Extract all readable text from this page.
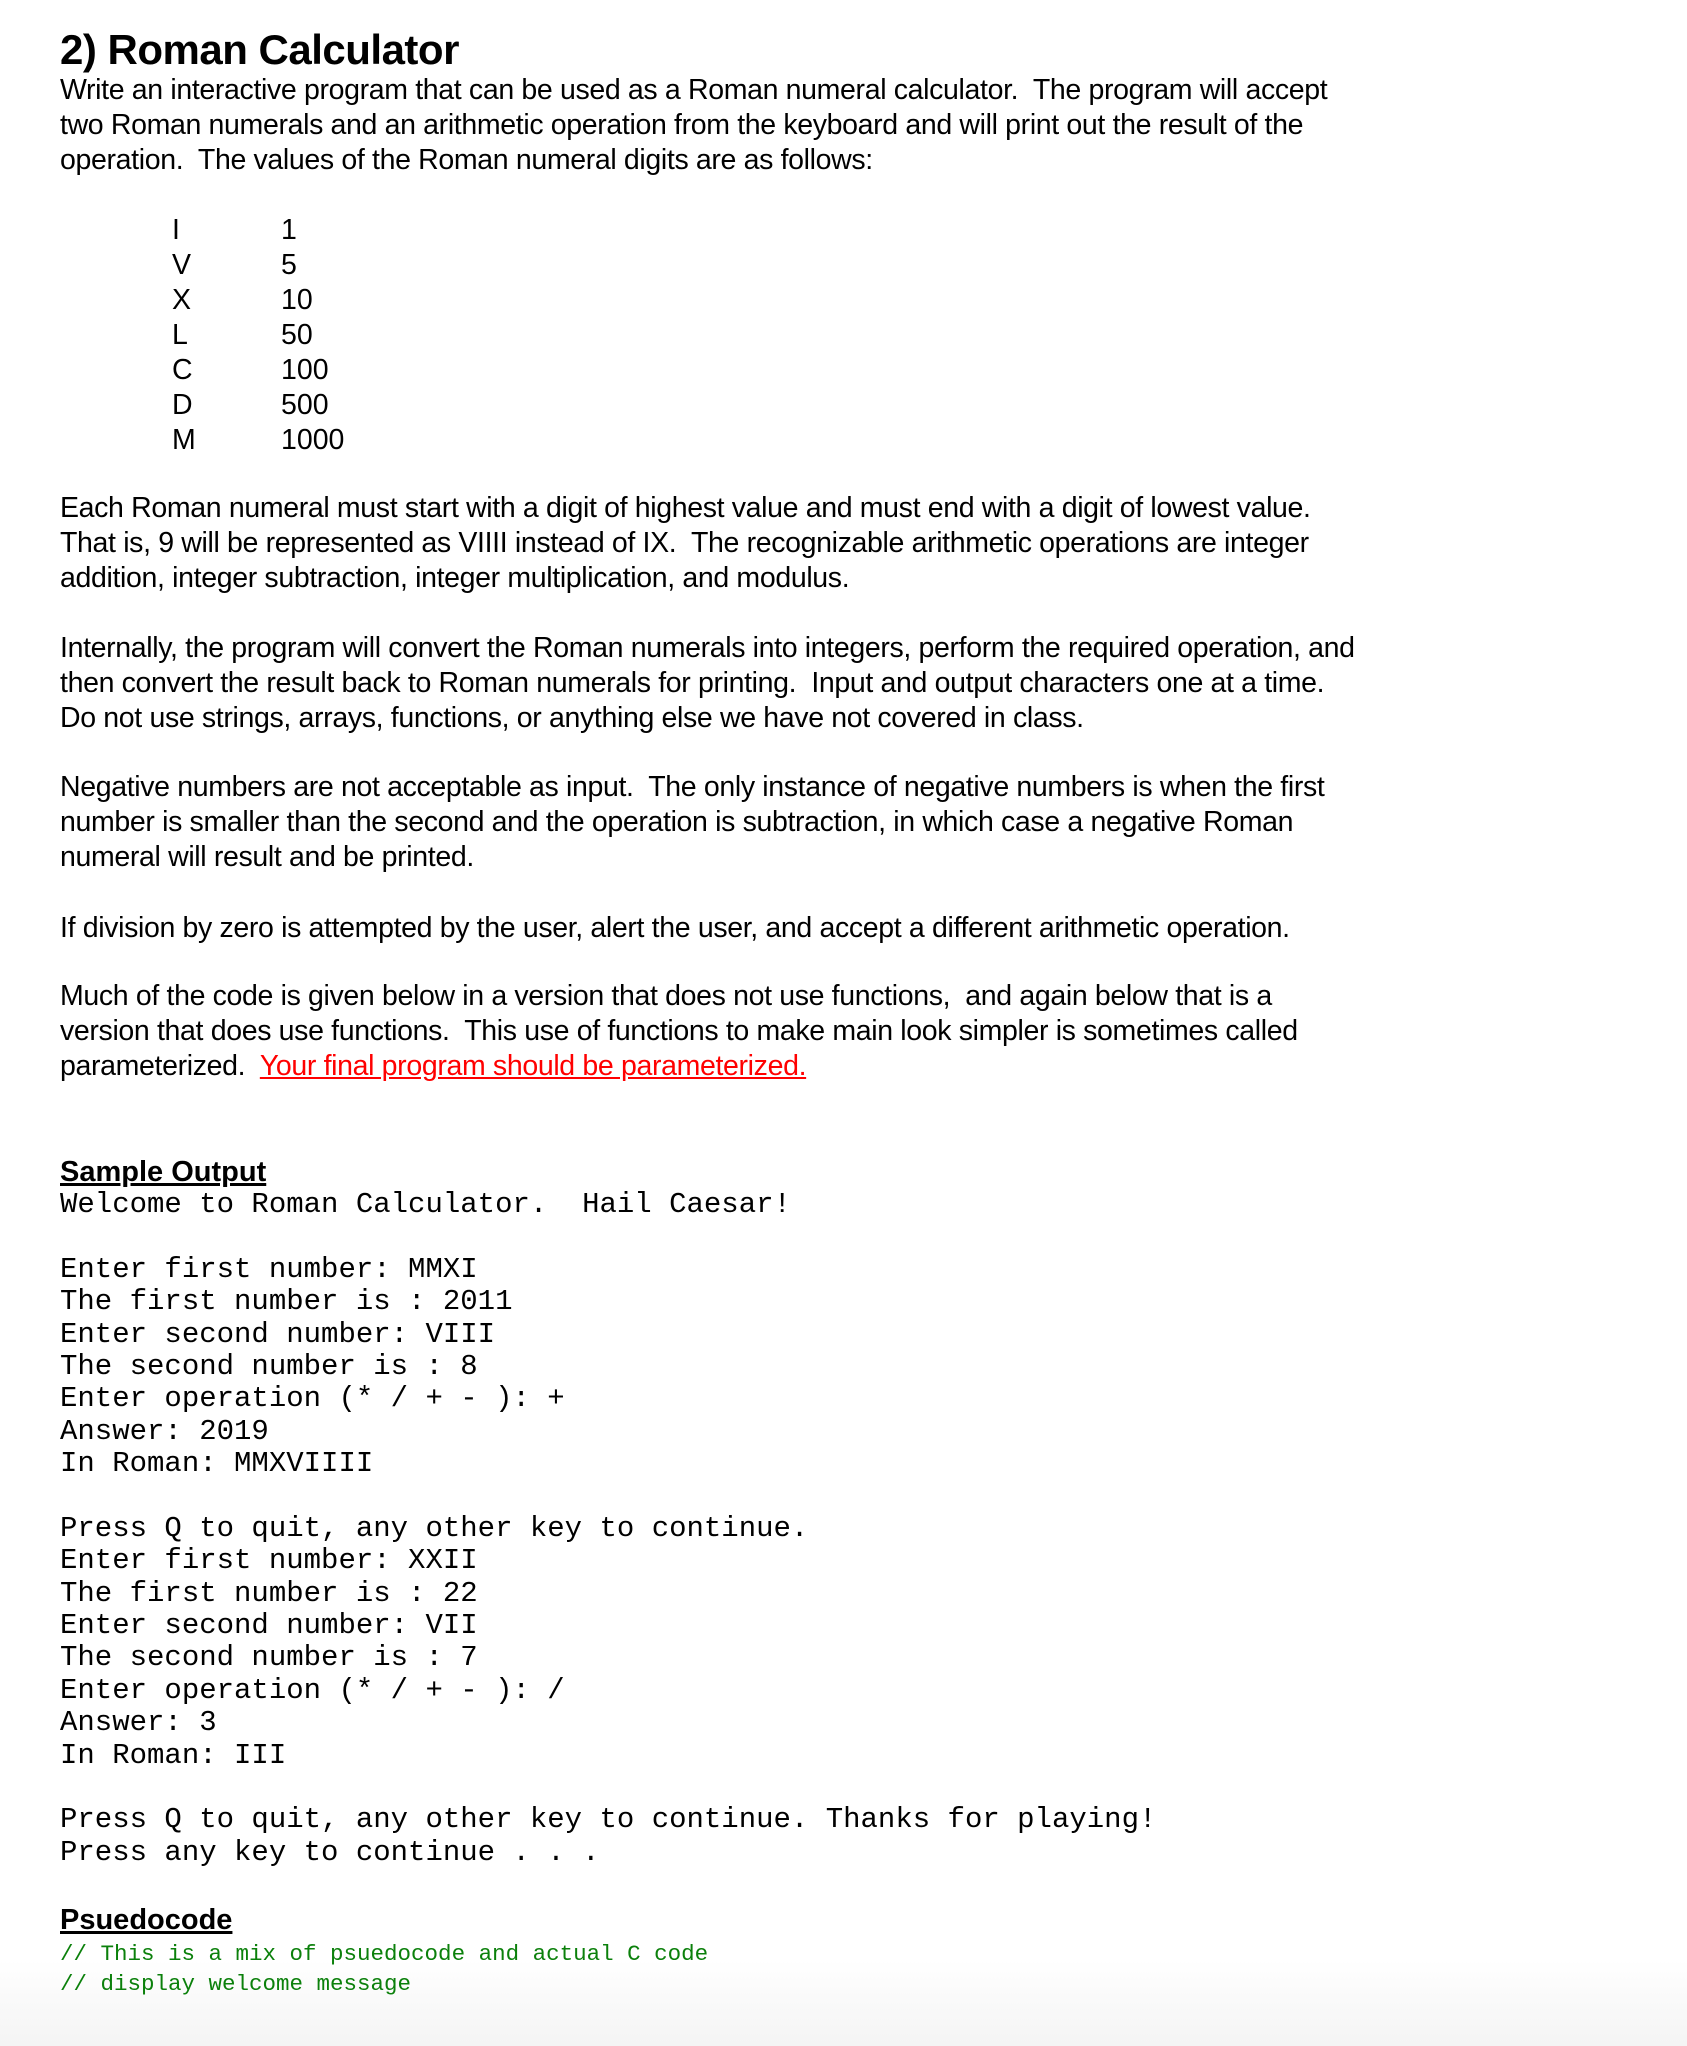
2) Roman Calculator
Write an interactive program that can be used as a Roman numeral calculator.  The program will accept
two Roman numerals and an arithmetic operation from the keyboard and will print out the result of the
operation.  The values of the Roman numeral digits are as follows:
I	1
V	5
X	10
L	50
C	100
D	500
M	1000
Each Roman numeral must start with a digit of highest value and must end with a digit of lowest value.
That is, 9 will be represented as VIIII instead of IX.  The recognizable arithmetic operations are integer
addition, integer subtraction, integer multiplication, and modulus.
Internally, the program will convert the Roman numerals into integers, perform the required operation, and
then convert the result back to Roman numerals for printing.  Input and output characters one at a time.
Do not use strings, arrays, functions, or anything else we have not covered in class.
Negative numbers are not acceptable as input.  The only instance of negative numbers is when the first
number is smaller than the second and the operation is subtraction, in which case a negative Roman
numeral will result and be printed.
If division by zero is attempted by the user, alert the user, and accept a different arithmetic operation.
Much of the code is given below in a version that does not use functions,  and again below that is a
version that does use functions.  This use of functions to make main look simpler is sometimes called
parameterized.  Your final program should be parameterized.
Sample Output
Welcome to Roman Calculator.  Hail Caesar!
Enter first number: MMXI
The first number is : 2011
Enter second number: VIII
The second number is : 8
Enter operation (* / + - ): +
Answer: 2019
In Roman: MMXVIIII
Press Q to quit, any other key to continue.
Enter first number: XXII
The first number is : 22
Enter second number: VII
The second number is : 7
Enter operation (* / + - ): /
Answer: 3
In Roman: III
Press Q to quit, any other key to continue. Thanks for playing!
Press any key to continue . . .
Psuedocode
// This is a mix of psuedocode and actual C code
// display welcome message
